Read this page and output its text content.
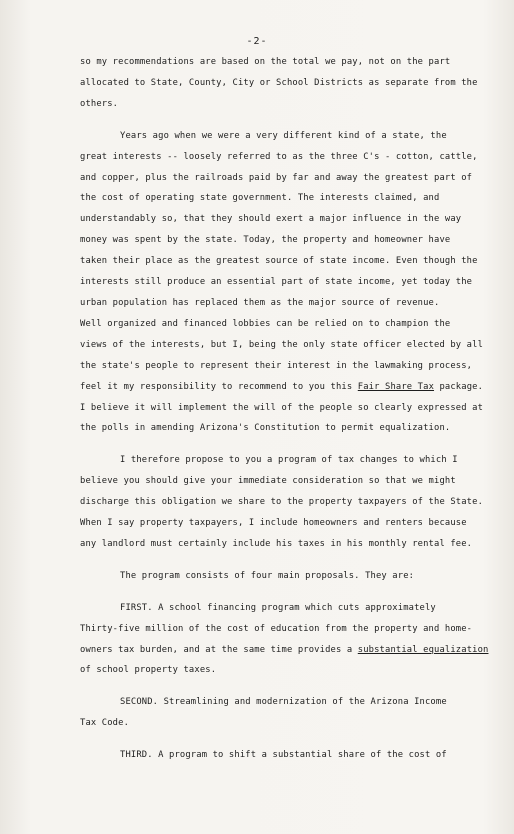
-2-

so my recommendations are based on the total we pay, not on the part
allocated to State, County, City or School Districts as separate from the
others.

Years ago when we were a very different kind of a state, the
great interests -- loosely referred to as the three C's - cotton, cattle,
and copper, plus the railroads paid by far and away the greatest part of
the cost of operating state government. The interests claimed, and
understandably so, that they should exert a major influence in the way
money was spent by the state. Today, the property and homeowner have
taken their place as the greatest source of state income. Even though the
interests still produce an essential part of state income, yet today the
urban population has replaced them as the major source of revenue.
Well organized and financed lobbies can be relied on to champion the
views of the interests, but I, being the only state officer elected by all
the state's people to represent their interest in the lawmaking process,
feel it my responsibility to recommend to you this Fair Share Tax package.
I believe it will implement the will of the people so clearly expressed at
the polls in amending Arizona's Constitution to permit equalization.

I therefore propose to you a program of tax changes to which I
believe you should give your immediate consideration so that we might
discharge this obligation we share to the property taxpayers of the State.
When I say property taxpayers, I include homeowners and renters because
any landlord must certainly include his taxes in his monthly rental fee.

The program consists of four main proposals. They are:

FIRST. A school financing program which cuts approximately
Thirty-five million of the cost of education from the property and home-
owners tax burden, and at the same time provides a substantial equalization
of school property taxes.

SECOND. Streamlining and modernization of the Arizona Income
Tax Code.

THIRD. A program to shift a substantial share of the cost of
